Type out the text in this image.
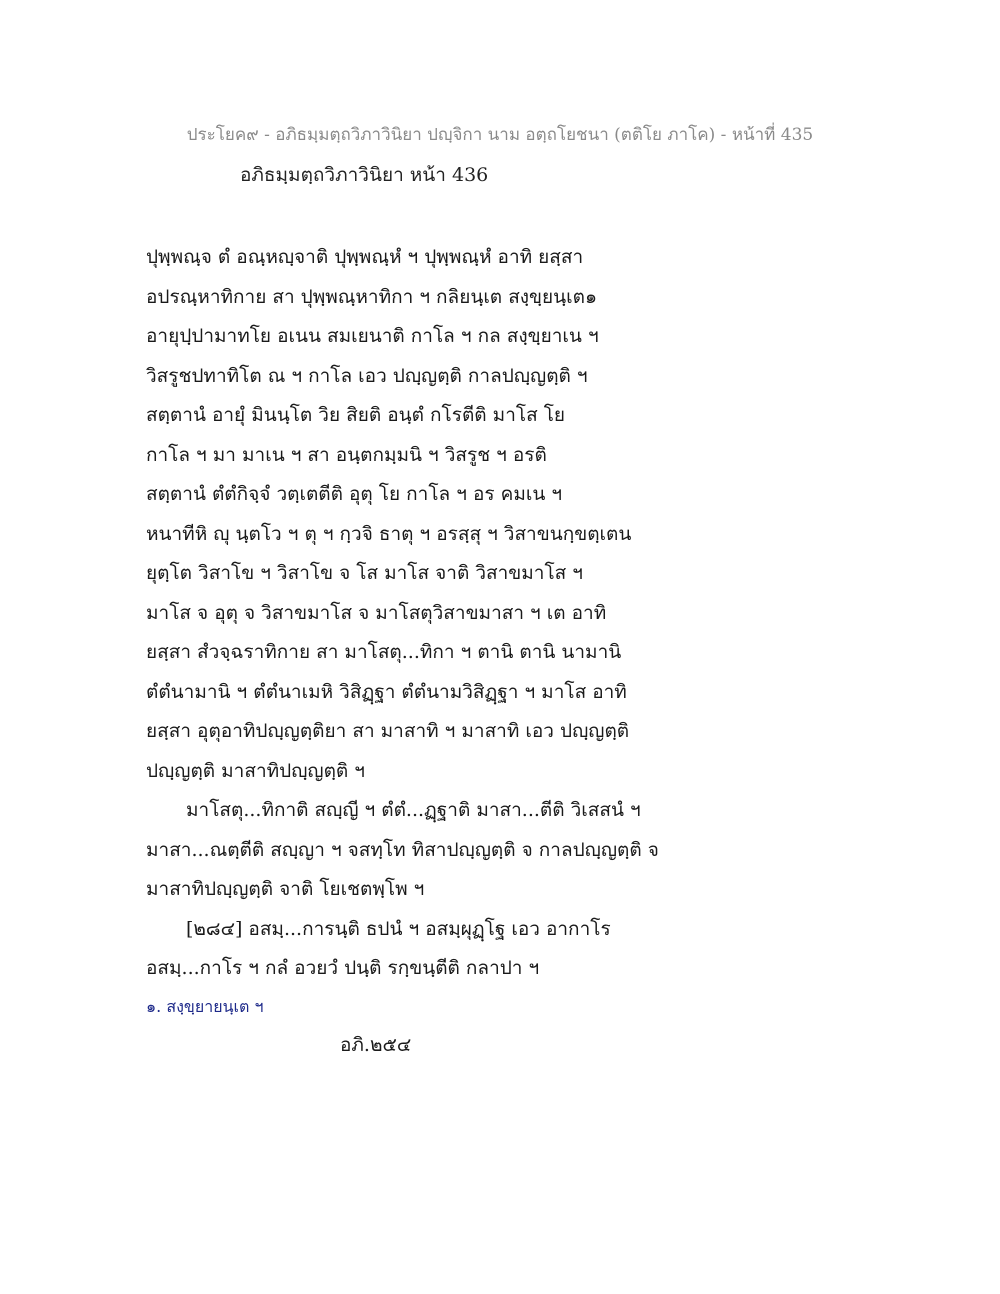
ประโยค๙ - อภิธมฺมตฺถวิภาวินิยา ปญฺจิกา นาม อตฺถโยชนา (ตติโย ภาโค) - หน้าที่ 435
อภิธมฺมตฺถวิภาวินิยา หน้า 436
ปุพฺพณฺจ ตํ อณฺหญฺจาติ ปุพฺพณฺหํ ฯ ปุพฺพณฺหํ อาทิ ยสฺสา
อปรณฺหาทิกาย สา ปุพฺพณฺหาทิกา ฯ กลิยนฺเต สงฺขฺยนฺเต๑
อายุปฺปามาทโย อเนน สมเยนาติ กาโล ฯ กล สงฺขฺยาเน ฯ
วิสรูชปทาทิโต ณ ฯ กาโล เอว ปญฺญตฺติ กาลปญฺญตฺติ ฯ
สตฺตานํ อายุํ มินนฺโต วิย สิยติ อนฺตํ กโรตีติ มาโส โย
กาโล ฯ มา มาเน ฯ สา อนฺตกมฺมนิ ฯ วิสรูช ฯ อรติ
สตฺตานํ ตํตํกิจฺจํ วตฺเตตีติ อุตุ โย กาโล ฯ อร คมเน ฯ
หนาทีหิ ญุ นฺตโว ฯ ตุ ฯ กฺวจิ ธาตุ ฯ อรสฺสุ ฯ วิสาขนกฺขตฺเตน
ยุตฺโต วิสาโข ฯ วิสาโข จ โส มาโส จาติ วิสาขมาโส ฯ
มาโส จ อุตุ จ วิสาขมาโส จ มาโสตุวิสาขมาสา ฯ เต อาทิ
ยสฺสา สํวจฺฉราทิกาย สา มาโสตุ...ทิกา ฯ ตานิ ตานิ นามานิ
ตํตํนามานิ ฯ ตํตํนาเมหิ วิสิฏฺฐา ตํตํนามวิสิฏฺฐา ฯ มาโส อาทิ
ยสฺสา อุตุอาทิปญฺญตฺติยา สา มาสาทิ ฯ มาสาทิ เอว ปญฺญตฺติ
ปญฺญตฺติ มาสาทิปญฺญตฺติ ฯ
มาโสตุ...ทิกาติ สญฺญี ฯ ตํตํ...ฏฺฐาติ มาสา...ตีติ วิเสสนํ ฯ
มาสา...ณตฺตีติ สญฺญา ฯ จสทฺโท ทิสาปญฺญตฺติ จ กาลปญฺญตฺติ จ
มาสาทิปญฺญตฺติ จาติ โยเชตพฺโพ ฯ
[๒๘๔] อสมฺ...การนฺติ ธปนํ ฯ อสมฺผุฏฺโฐ เอว อากาโร
อสมฺ...กาโร ฯ กลํ อวยวํ ปนฺติ รกฺขนฺตีติ กลาปา ฯ
๑. สงฺขฺยายนฺเต ฯ
อภิ.๒๕๔
